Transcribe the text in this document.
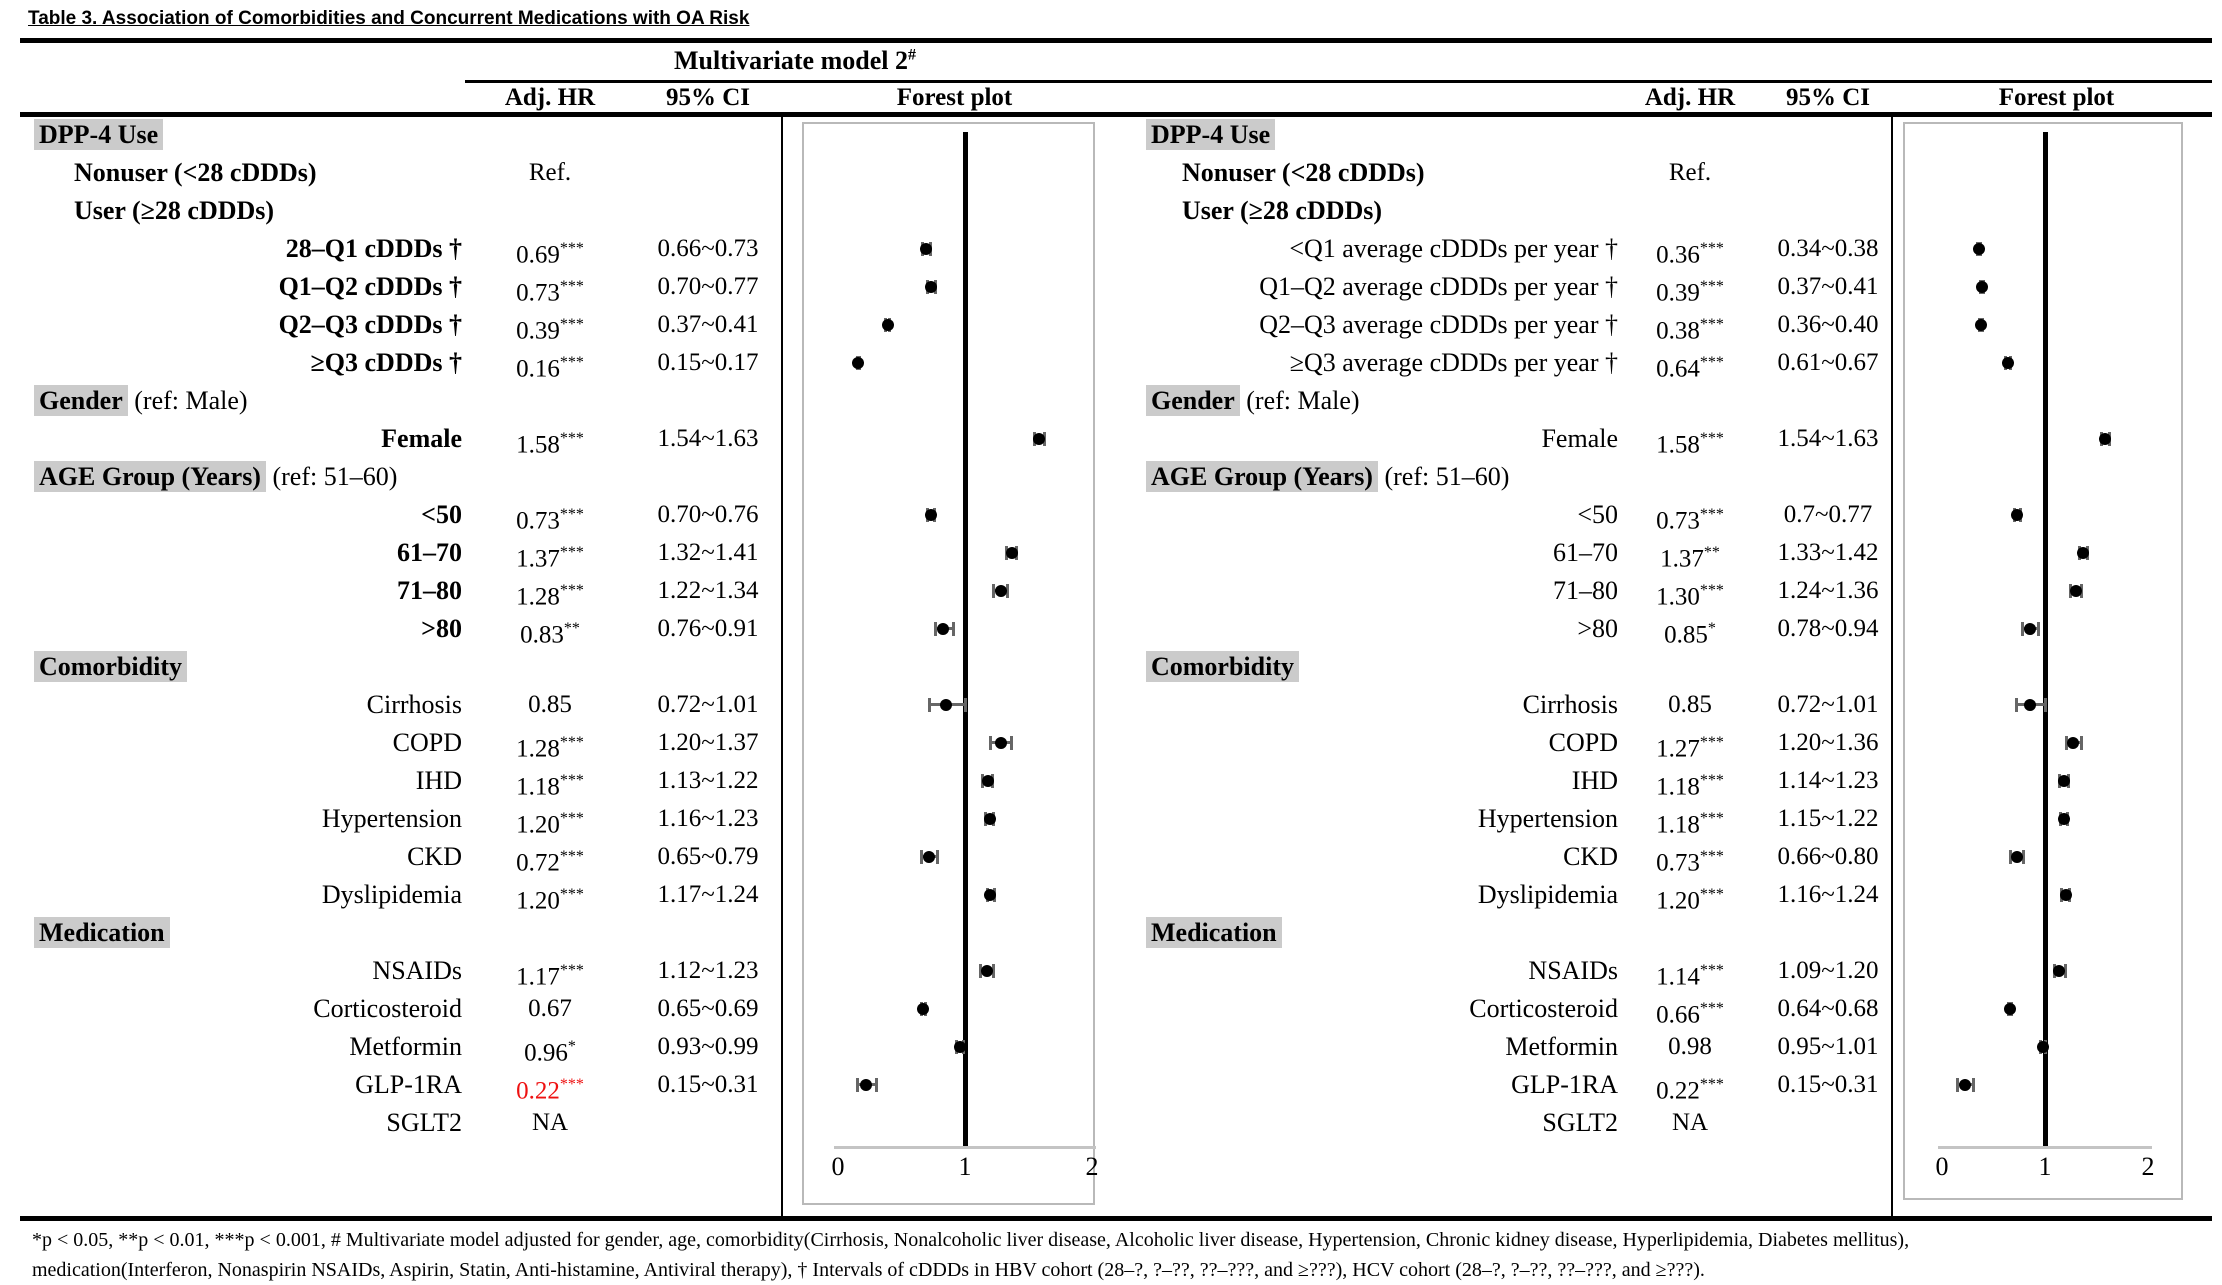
Table 3. Association of Comorbidities and Concurrent Medications with OA Risk
Multivariate model 2#
Adj. HR	95% CI	Forest plot	Adj. HR	95% CI	Forest plot
0	1	2
DPP-4 Use
Nonuser (<28 cDDDs)	Ref.
User (≥28 cDDDs)
28–Q1 cDDDs †	0.69***	0.66~0.73
Q1–Q2 cDDDs †	0.73***	0.70~0.77
Q2–Q3 cDDDs †	0.39***	0.37~0.41
≥Q3 cDDDs †	0.16***	0.15~0.17
Gender (ref: Male)
Female	1.58***	1.54~1.63
AGE Group (Years) (ref: 51–60)
<50	0.73***	0.70~0.76
61–70	1.37***	1.32~1.41
71–80	1.28***	1.22~1.34
>80	0.83**	0.76~0.91
Comorbidity
Cirrhosis	0.85	0.72~1.01
COPD	1.28***	1.20~1.37
IHD	1.18***	1.13~1.22
Hypertension	1.20***	1.16~1.23
CKD	0.72***	0.65~0.79
Dyslipidemia	1.20***	1.17~1.24
Medication
NSAIDs	1.17***	1.12~1.23
Corticosteroid	0.67	0.65~0.69
Metformin	0.96*	0.93~0.99
GLP-1RA	0.22***	0.15~0.31
SGLT2	NA
0	1	2
DPP-4 Use
Nonuser (<28 cDDDs)	Ref.
User (≥28 cDDDs)
<Q1 average cDDDs per year †	0.36***	0.34~0.38
Q1–Q2 average cDDDs per year †	0.39***	0.37~0.41
Q2–Q3 average cDDDs per year †	0.38***	0.36~0.40
≥Q3 average cDDDs per year †	0.64***	0.61~0.67
Gender (ref: Male)
Female	1.58***	1.54~1.63
AGE Group (Years) (ref: 51–60)
<50	0.73***	0.7~0.77
61–70	1.37**	1.33~1.42
71–80	1.30***	1.24~1.36
>80	0.85*	0.78~0.94
Comorbidity
Cirrhosis	0.85	0.72~1.01
COPD	1.27***	1.20~1.36
IHD	1.18***	1.14~1.23
Hypertension	1.18***	1.15~1.22
CKD	0.73***	0.66~0.80
Dyslipidemia	1.20***	1.16~1.24
Medication
NSAIDs	1.14***	1.09~1.20
Corticosteroid	0.66***	0.64~0.68
Metformin	0.98	0.95~1.01
GLP-1RA	0.22***	0.15~0.31
SGLT2	NA
*p < 0.05, **p < 0.01, ***p < 0.001, # Multivariate model adjusted for gender, age, comorbidity(Cirrhosis, Nonalcoholic liver disease, Alcoholic liver disease, Hypertension, Chronic kidney disease, Hyperlipidemia, Diabetes mellitus),
medication(Interferon, Nonaspirin NSAIDs, Aspirin, Statin, Anti-histamine, Antiviral therapy), † Intervals of cDDDs in HBV cohort (28–?, ?–??, ??–???, and ≥???), HCV cohort (28–?, ?–??, ??–???, and ≥???).
